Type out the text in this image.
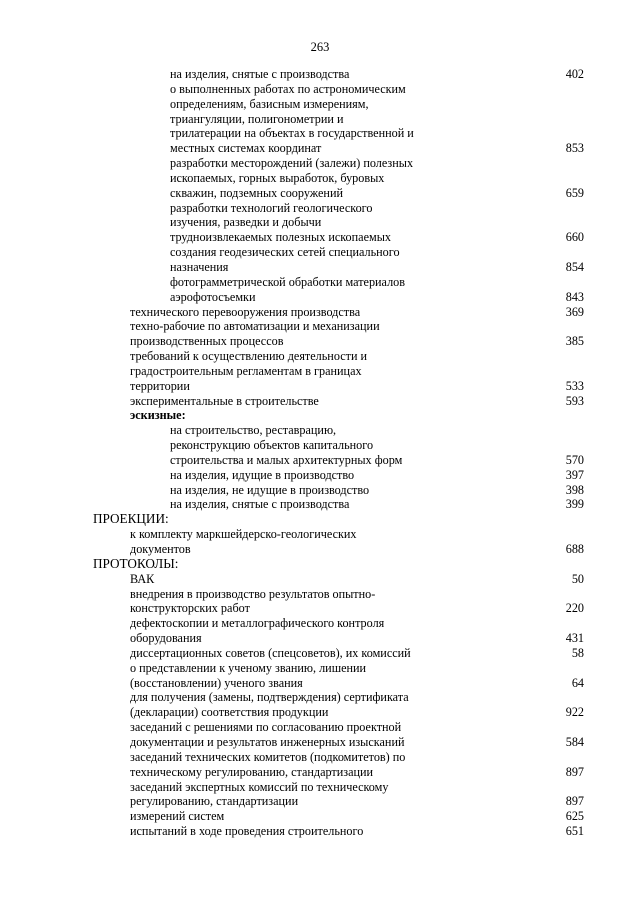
263
на изделия, снятые с производства	402
о выполненных работах по астрономическим
определениям, базисным измерениям,
триангуляции, полигонометрии и
трилатерации на объектах в государственной и
местных системах координат	853
разработки месторождений (залежи) полезных
ископаемых, горных выработок, буровых
скважин, подземных сооружений	659
разработки технологий геологического
изучения, разведки и добычи
трудноизвлекаемых полезных ископаемых	660
создания геодезических сетей специального
назначения	854
фотограмметрической обработки материалов
аэрофотосъемки	843
технического перевооружения производства	369
техно-рабочие по автоматизации и механизации
производственных процессов	385
требований к осуществлению деятельности и
градостроительным регламентам в границах
территории	533
экспериментальные в строительстве	593
эскизные:
на строительство, реставрацию,
реконструкцию объектов капитального
строительства и малых архитектурных форм	570
на изделия, идущие в производство	397
на изделия, не идущие в производство	398
на изделия, снятые с производства	399
ПРОЕКЦИИ:
к комплекту маркшейдерско-геологических
документов	688
ПРОТОКОЛЫ:
ВАК	50
внедрения в производство результатов опытно-
конструкторских работ	220
дефектоскопии и металлографического контроля
оборудования	431
диссертационных советов (спецсоветов), их комиссий	58
о представлении к ученому званию, лишении
(восстановлении) ученого звания	64
для получения (замены, подтверждения) сертификата
(декларации) соответствия продукции	922
заседаний с решениями по согласованию проектной
документации и результатов инженерных изысканий	584
заседаний технических комитетов (подкомитетов) по
техническому регулированию, стандартизации	897
заседаний экспертных комиссий по техническому
регулированию, стандартизации	897
измерений систем	625
испытаний в ходе проведения строительного	651
